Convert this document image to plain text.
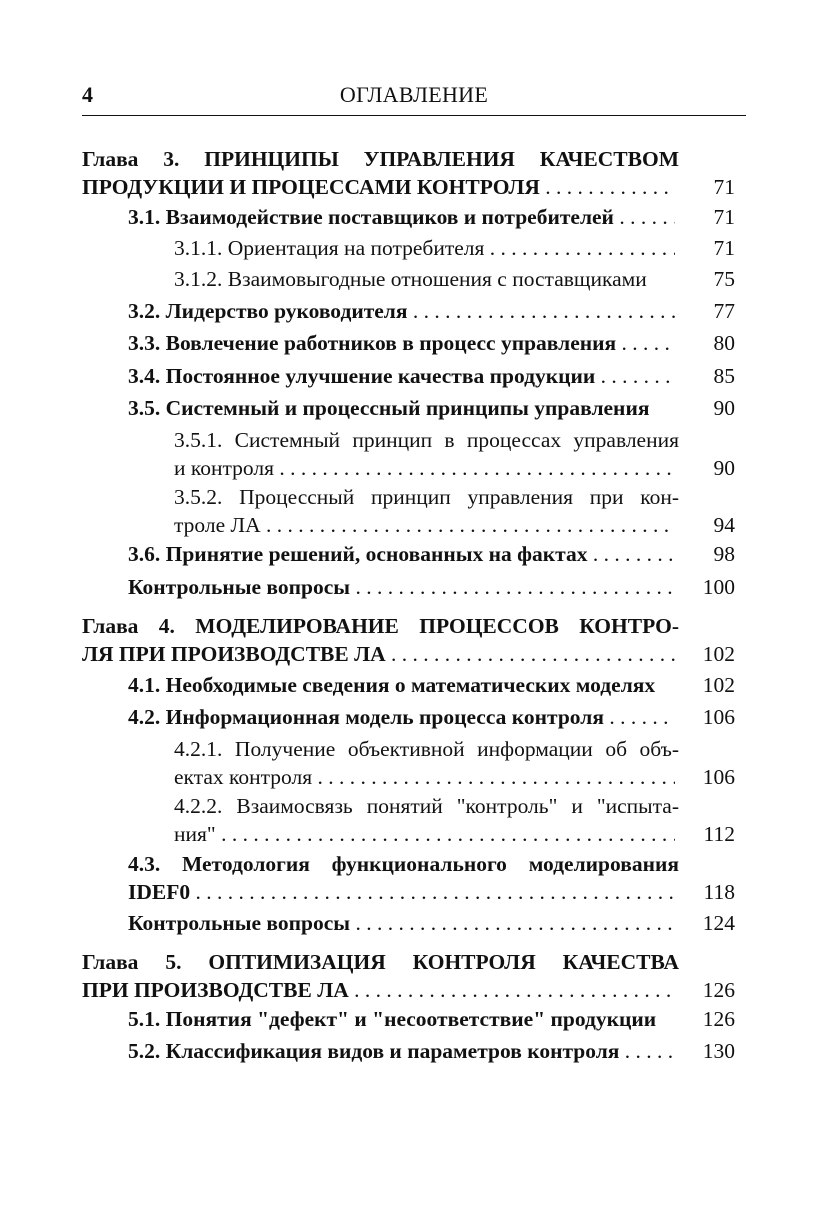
4	ОГЛАВЛЕНИЕ
Глава 3. ПРИНЦИПЫ УПРАВЛЕНИЯ КАЧЕСТВОМ
ПРОДУКЦИИ И ПРОЦЕССАМИ КОНТРОЛЯ . . .	71
3.1. Взаимодействие поставщиков и потребителей . . .	71
3.1.1. Ориентация на потребителя . . .	71
3.1.2. Взаимовыгодные отношения с поставщиками	75
3.2. Лидерство руководителя . . .	77
3.3. Вовлечение работников в процесс управления . . .	80
3.4. Постоянное улучшение качества продукции . . .	85
3.5. Системный и процессный принципы управления	90
3.5.1. Системный принцип в процессах управления
и контроля . . .	90
3.5.2. Процессный принцип управления при кон-
троле ЛА . . .	94
3.6. Принятие решений, основанных на фактах . . .	98
Контрольные вопросы . . .	100
Глава 4. МОДЕЛИРОВАНИЕ ПРОЦЕССОВ КОНТРО-
ЛЯ ПРИ ПРОИЗВОДСТВЕ ЛА . . .	102
4.1. Необходимые сведения о математических моделях	102
4.2. Информационная модель процесса контроля . . .	106
4.2.1. Получение объективной информации об объ-
ектах контроля . . .	106
4.2.2. Взаимосвязь понятий "контроль" и "испыта-
ния" . . .	112
4.3. Методология функционального моделирования
IDEF0 . . .	118
Контрольные вопросы . . .	124
Глава 5. ОПТИМИЗАЦИЯ КОНТРОЛЯ КАЧЕСТВА
ПРИ ПРОИЗВОДСТВЕ ЛА . . .	126
5.1. Понятия "дефект" и "несоответствие" продукции	126
5.2. Классификация видов и параметров контроля . . .	130
